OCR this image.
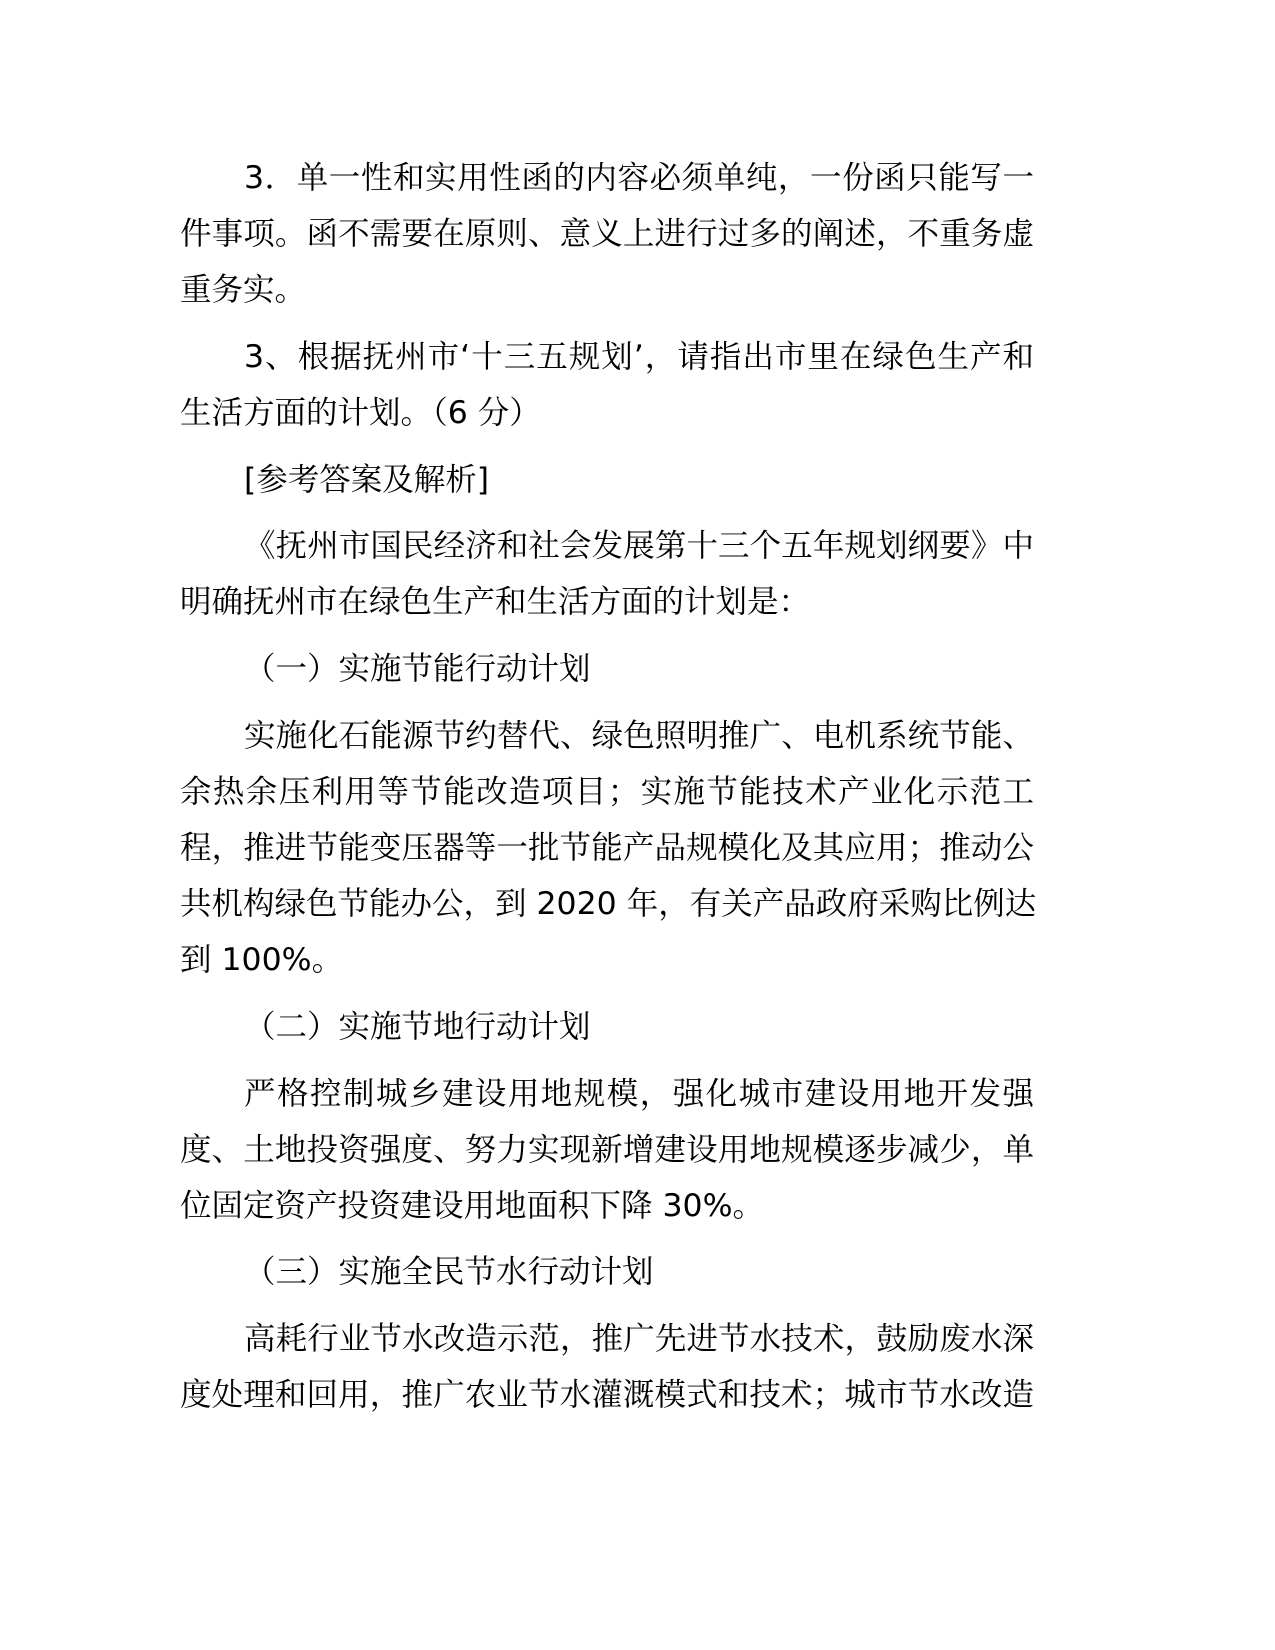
3．单一性和实用性函的内容必须单纯，一份函只能写一
件事项。函不需要在原则、意义上进行过多的阐述，不重务虚
重务实。
3、根据抚州市‘十三五规划’，请指出市里在绿色生产和
生活方面的计划。（6 分）
[参考答案及解析]
《抚州市国民经济和社会发展第十三个五年规划纲要》中
明确抚州市在绿色生产和生活方面的计划是：
（一）实施节能行动计划
实施化石能源节约替代、绿色照明推广、电机系统节能、
余热余压利用等节能改造项目；实施节能技术产业化示范工
程，推进节能变压器等一批节能产品规模化及其应用；推动公
共机构绿色节能办公，到 2020 年，有关产品政府采购比例达
到 100%。
（二）实施节地行动计划
严格控制城乡建设用地规模，强化城市建设用地开发强
度、土地投资强度、努力实现新增建设用地规模逐步减少，单
位固定资产投资建设用地面积下降 30%。
（三）实施全民节水行动计划
高耗行业节水改造示范，推广先进节水技术，鼓励废水深
度处理和回用，推广农业节水灌溉模式和技术；城市节水改造
